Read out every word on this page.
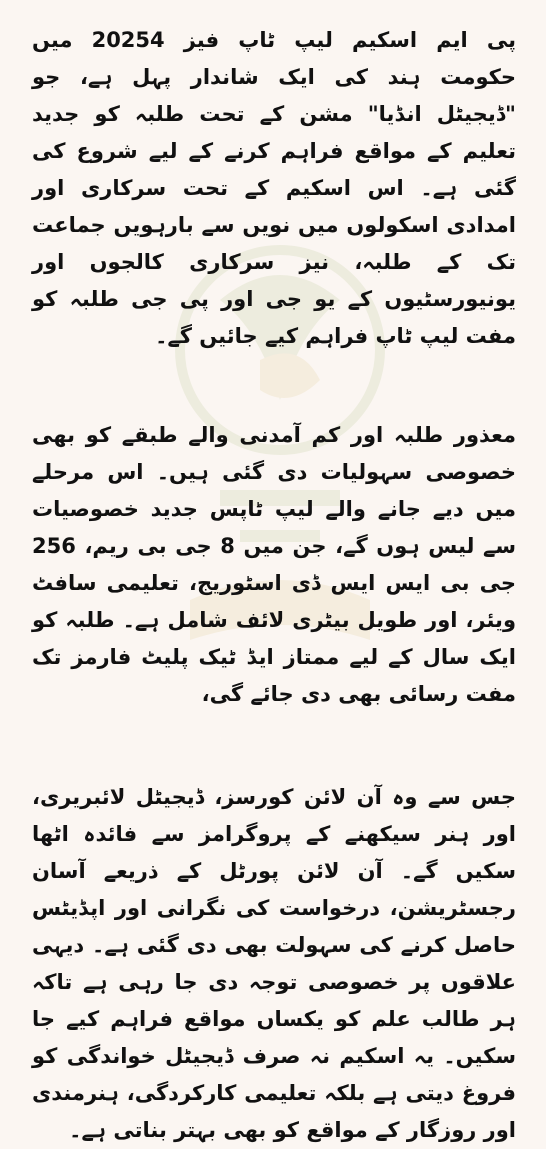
پی ایم اسکیم لیپ ٹاپ فیز 20254 میں حکومت ہند کی ایک شاندار پہل ہے، جو "ڈیجیٹل انڈیا" مشن کے تحت طلبہ کو جدید تعلیم کے مواقع فراہم کرنے کے لیے شروع کی گئی ہے۔ اس اسکیم کے تحت سرکاری اور امدادی اسکولوں میں نویں سے بارہویں جماعت تک کے طلبہ، نیز سرکاری کالجوں اور یونیورسٹیوں کے یو جی اور پی جی طلبہ کو مفت لیپ ٹاپ فراہم کیے جائیں گے۔

معذور طلبہ اور کم آمدنی والے طبقے کو بھی خصوصی سہولیات دی گئی ہیں۔ اس مرحلے میں دیے جانے والے لیپ ٹاپس جدید خصوصیات سے لیس ہوں گے، جن میں 8 جی بی ریم، 256 جی بی ایس ایس ڈی اسٹوریج، تعلیمی سافٹ ویئر، اور طویل بیٹری لائف شامل ہے۔ طلبہ کو ایک سال کے لیے ممتاز ایڈ ٹیک پلیٹ فارمز تک مفت رسائی بھی دی جائے گی،

جس سے وہ آن لائن کورسز، ڈیجیٹل لائبریری، اور ہنر سیکھنے کے پروگرامز سے فائدہ اٹھا سکیں گے۔ آن لائن پورٹل کے ذریعے آسان رجسٹریشن، درخواست کی نگرانی اور اپڈیٹس حاصل کرنے کی سہولت بھی دی گئی ہے۔ دیہی علاقوں پر خصوصی توجہ دی جا رہی ہے تاکہ ہر طالب علم کو یکساں مواقع فراہم کیے جا سکیں۔ یہ اسکیم نہ صرف ڈیجیٹل خواندگی کو فروغ دیتی ہے بلکہ تعلیمی کارکردگی، ہنرمندی اور روزگار کے مواقع کو بھی بہتر بناتی ہے۔
